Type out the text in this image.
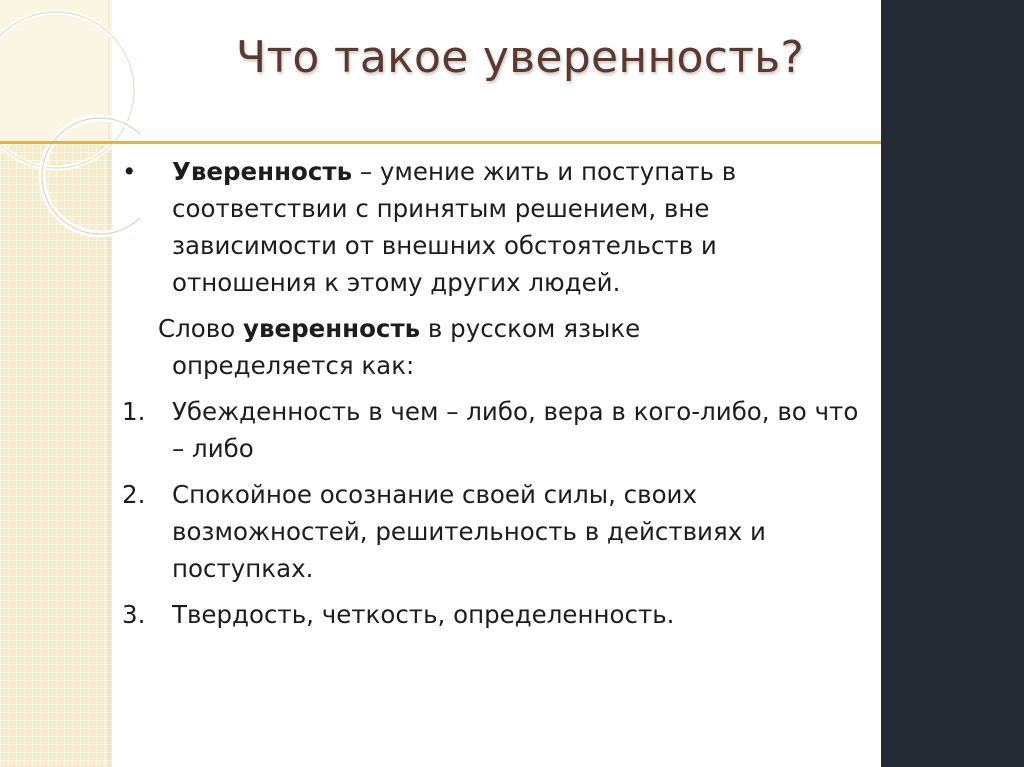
Что такое уверенность?
•	Уверенность – умение жить и поступать в соответствии с принятым решением, вне зависимости от внешних обстоятельств и отношения к этому других людей.
Слово уверенность в русском языке
определяется как:
1.	Убежденность в чем – либо, вера в кого-либо, во что – либо
2.	Спокойное осознание своей силы, своих возможностей, решительность в действиях и поступках.
3.	Твердость, четкость, определенность.
